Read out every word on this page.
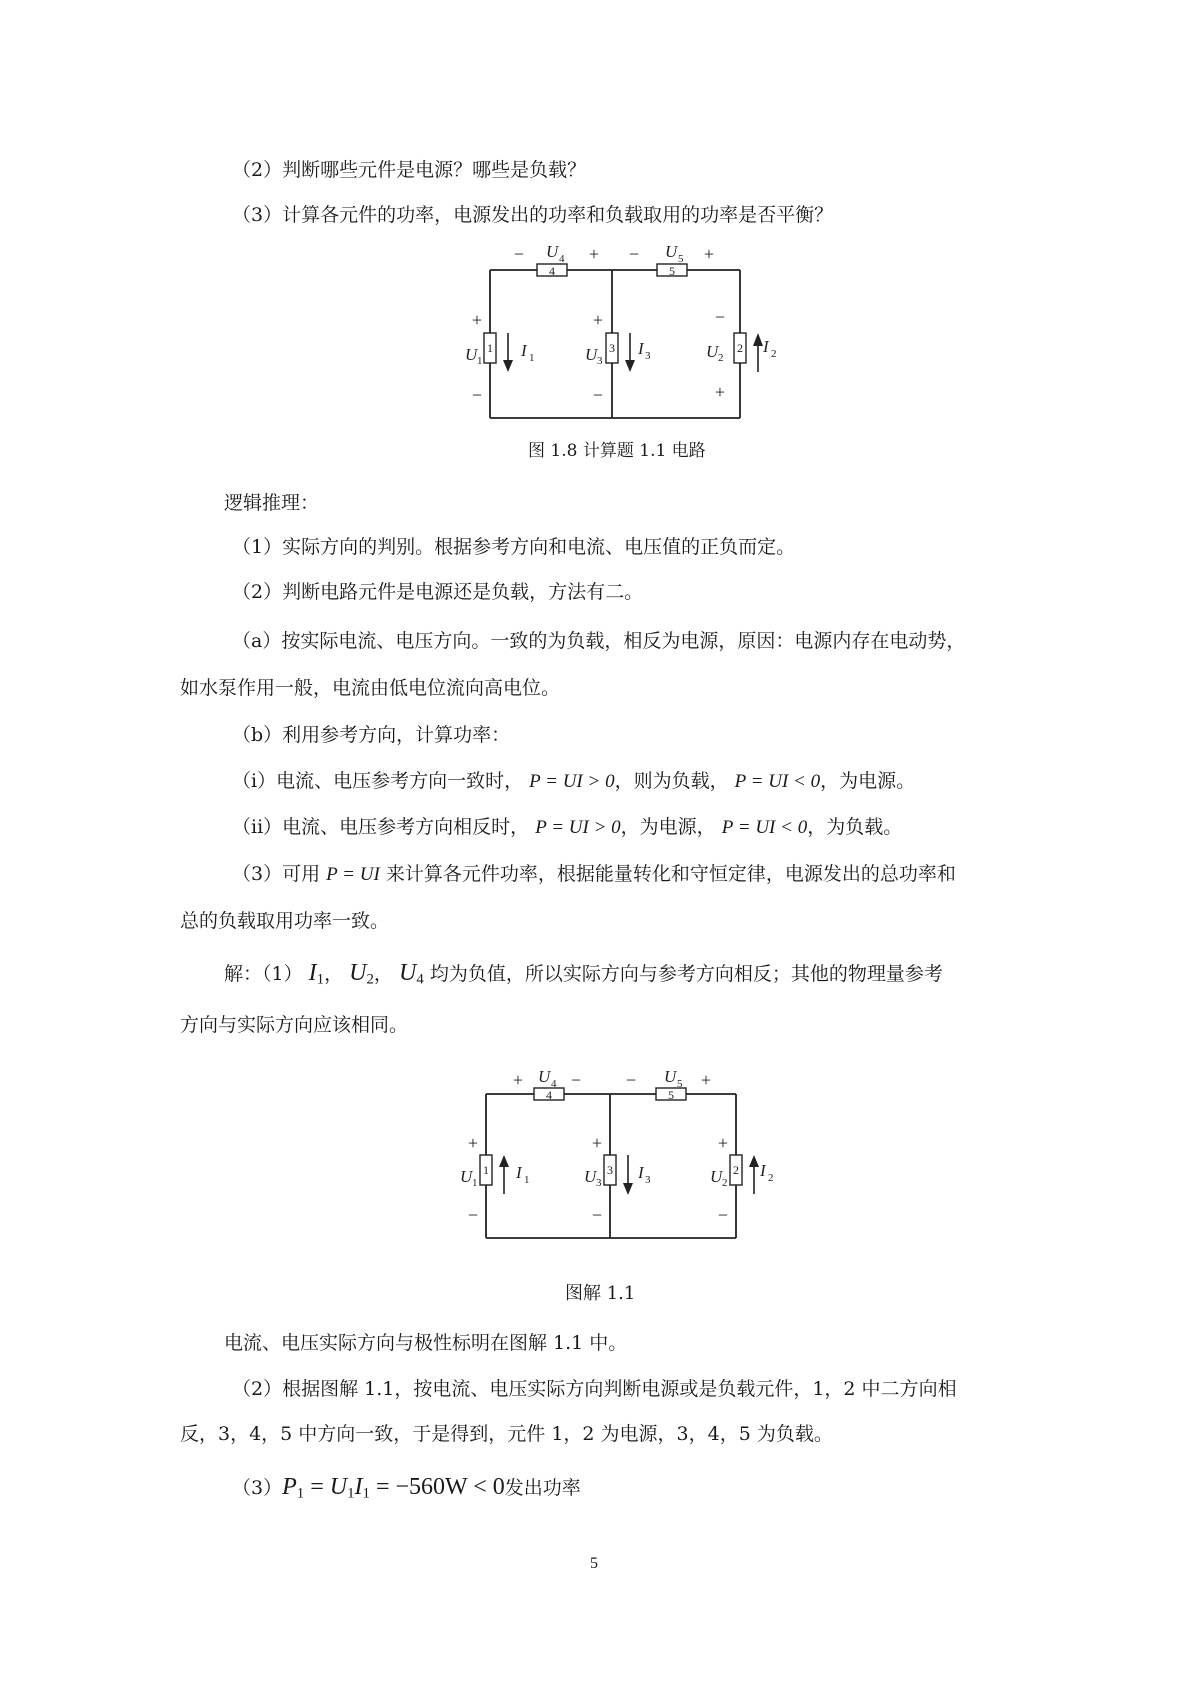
（2）判断哪些元件是电源？哪些是负载？
（3）计算各元件的功率，电源发出的功率和负载取用的功率是否平衡？
4	5
1	3	2
− U 4 + − U 5 +
+
U 1
−
I 1
+
U 3
−
I 3
−
U 2
+
I 2
图 1.8 计算题 1.1 电路
逻辑推理：
（1）实际方向的判别。根据参考方向和电流、电压值的正负而定。
（2）判断电路元件是电源还是负载，方法有二。
（a）按实际电流、电压方向。一致的为负载，相反为电源，原因：电源内存在电动势，
如水泵作用一般，电流由低电位流向高电位。
（b）利用参考方向，计算功率：
（i）电流、电压参考方向一致时， P = UI > 0，则为负载， P = UI < 0，为电源。
（ii）电流、电压参考方向相反时， P = UI > 0，为电源， P = UI < 0，为负载。
（3）可用 P = UI 来计算各元件功率，根据能量转化和守恒定律，电源发出的总功率和
总的负载取用功率一致。
解：（1） $I_1$， $U_2$， $U_4$ 均为负值，所以实际方向与参考方向相反；其他的物理量参考
方向与实际方向应该相同。
4	5
1	3	2
+ U 4 − − U 5 +
+
U 1
−
I 1
+
U 3
−
I 3
+
U 2
−
I 2
图解 1.1
电流、电压实际方向与极性标明在图解 1.1 中。
（2）根据图解 1.1，按电流、电压实际方向判断电源或是负载元件，1，2 中二方向相
反，3，4，5 中方向一致，于是得到，元件 1，2 为电源，3，4，5 为负载。
$(3)P_1 = U_1I_1 = -560W < 0$发出功率
5
